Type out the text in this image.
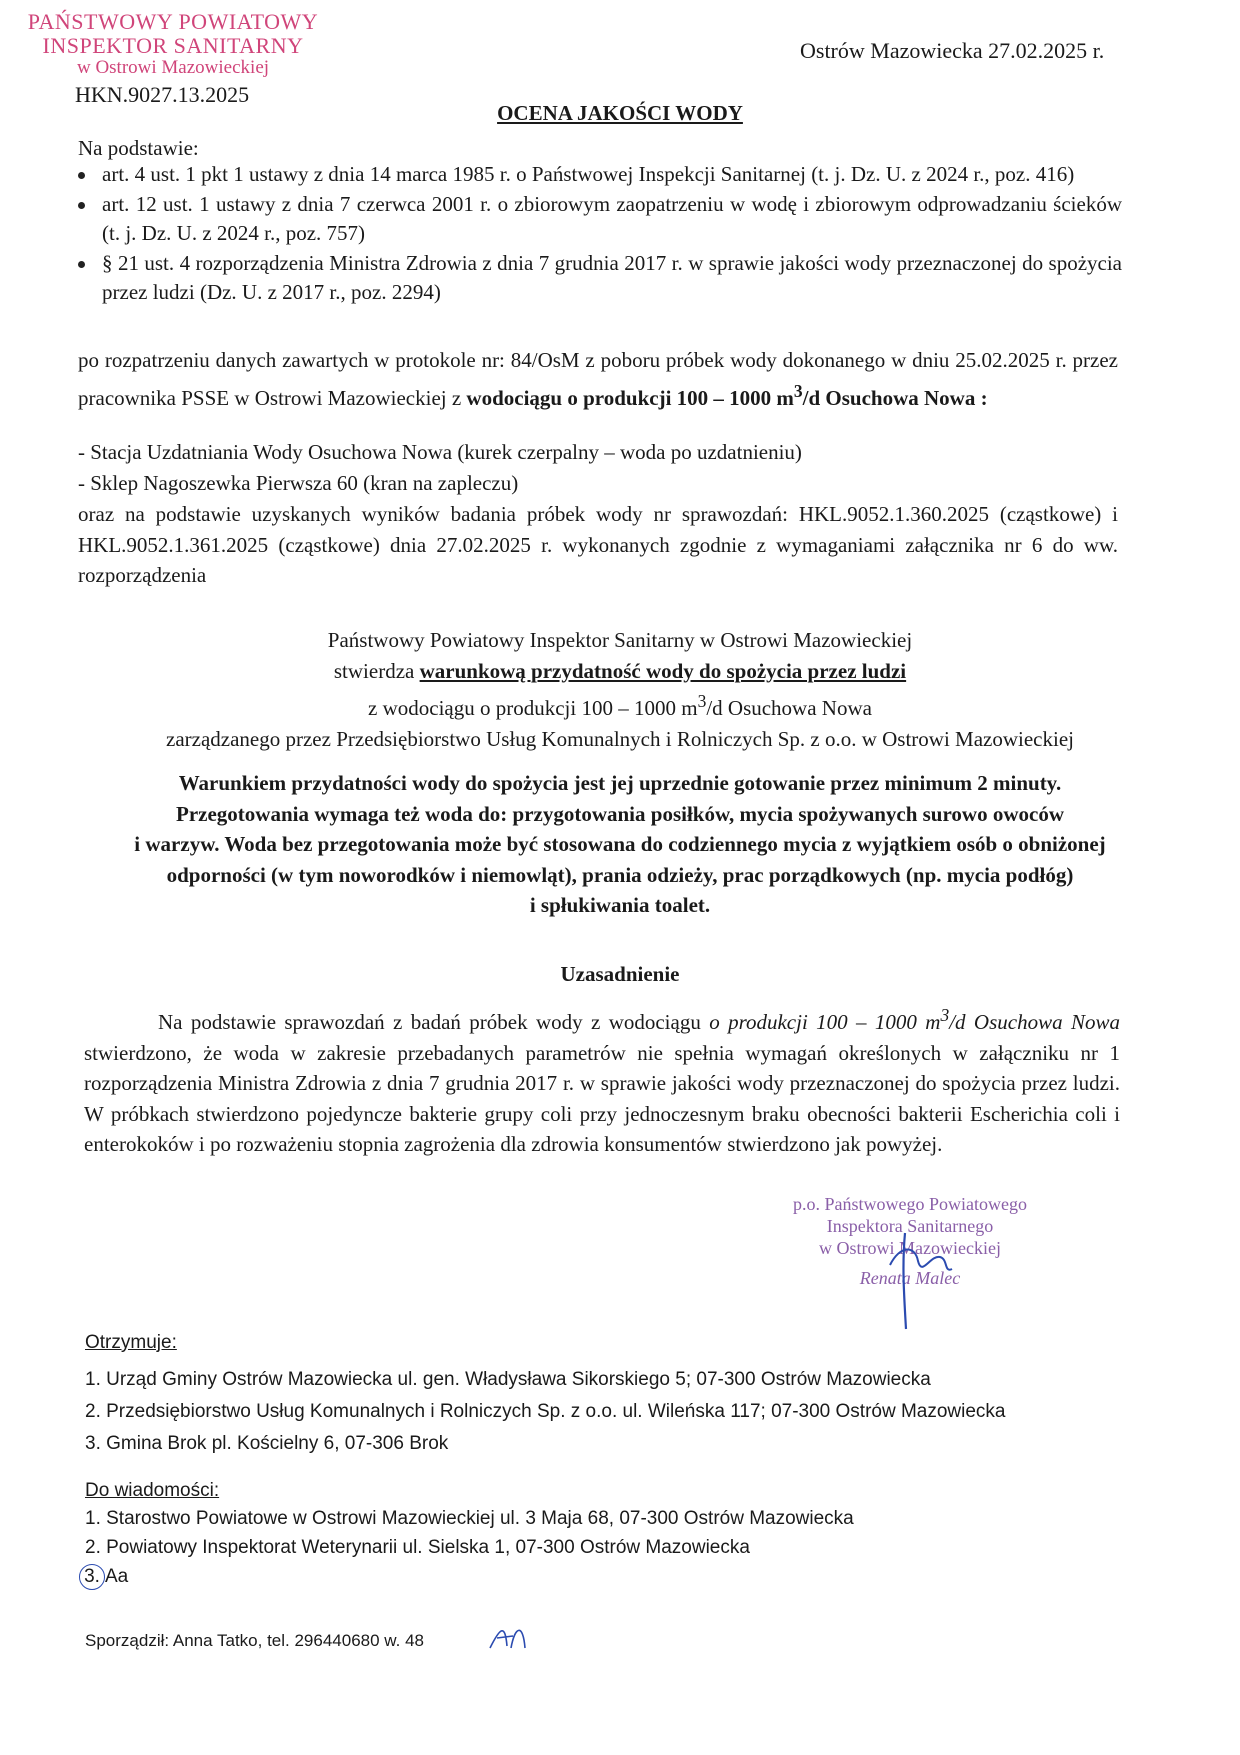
PAŃSTWOWY POWIATOWY
INSPEKTOR SANITARNY
w Ostrowi Mazowieckiej
HKN.9027.13.2025
Ostrów Mazowiecka 27.02.2025 r.
OCENA JAKOŚCI WODY
Na podstawie:
art. 4 ust. 1 pkt 1 ustawy z dnia 14 marca 1985 r. o Państwowej Inspekcji Sanitarnej (t. j. Dz. U. z 2024 r., poz. 416)
art. 12 ust. 1 ustawy z dnia 7 czerwca 2001 r. o zbiorowym zaopatrzeniu w wodę i zbiorowym odprowadzaniu ścieków (t. j. Dz. U. z 2024 r., poz. 757)
§ 21 ust. 4 rozporządzenia Ministra Zdrowia z dnia 7 grudnia 2017 r. w sprawie jakości wody przeznaczonej do spożycia przez ludzi (Dz. U. z 2017 r., poz. 2294)
po rozpatrzeniu danych zawartych w protokole nr: 84/OsM z poboru próbek wody dokonanego w dniu 25.02.2025 r. przez pracownika PSSE w Ostrowi Mazowieckiej z wodociągu o produkcji 100 – 1000 $m^3/d$ Osuchowa Nowa :
- Stacja Uzdatniania Wody Osuchowa Nowa (kurek czerpalny – woda po uzdatnieniu)
- Sklep Nagoszewka Pierwsza 60 (kran na zapleczu)
oraz na podstawie uzyskanych wyników badania próbek wody nr sprawozdań: HKL.9052.1.360.2025 (cząstkowe) i HKL.9052.1.361.2025 (cząstkowe) dnia 27.02.2025 r. wykonanych zgodnie z wymaganiami załącznika nr 6 do ww. rozporządzenia
Państwowy Powiatowy Inspektor Sanitarny w Ostrowi Mazowieckiej
stwierdza warunkową przydatność wody do spożycia przez ludzi
z wodociągu o produkcji 100 – 1000 $m^3/d$ Osuchowa Nowa
zarządzanego przez Przedsiębiorstwo Usług Komunalnych i Rolniczych Sp. z o.o. w Ostrowi Mazowieckiej
Warunkiem przydatności wody do spożycia jest jej uprzednie gotowanie przez minimum 2 minuty.
Przegotowania wymaga też woda do: przygotowania posiłków, mycia spożywanych surowo owoców
i warzyw. Woda bez przegotowania może być stosowana do codziennego mycia z wyjątkiem osób o obniżonej
odporności (w tym noworodków i niemowląt), prania odzieży, prac porządkowych (np. mycia podłóg)
i spłukiwania toalet.
Uzasadnienie
Na podstawie sprawozdań z badań próbek wody z wodociągu o produkcji 100 – 1000 $m^3/d$ Osuchowa Nowa stwierdzono, że woda w zakresie przebadanych parametrów nie spełnia wymagań określonych w załączniku nr 1 rozporządzenia Ministra Zdrowia z dnia 7 grudnia 2017 r. w sprawie jakości wody przeznaczonej do spożycia przez ludzi. W próbkach stwierdzono pojedyncze bakterie grupy coli przy jednoczesnym braku obecności bakterii Escherichia coli i enterokoków i po rozważeniu stopnia zagrożenia dla zdrowia konsumentów stwierdzono jak powyżej.
p.o. Państwowego Powiatowego
Inspektora Sanitarnego
w Ostrowi Mazowieckiej
Renata Malec
Otrzymuje:
1. Urząd Gminy Ostrów Mazowiecka ul. gen. Władysława Sikorskiego 5; 07-300 Ostrów Mazowiecka
2. Przedsiębiorstwo Usług Komunalnych i Rolniczych Sp. z o.o. ul. Wileńska 117; 07-300 Ostrów Mazowiecka
3. Gmina Brok pl. Kościelny 6, 07-306 Brok
Do wiadomości:
1. Starostwo Powiatowe w Ostrowi Mazowieckiej ul. 3 Maja 68, 07-300 Ostrów Mazowiecka
2. Powiatowy Inspektorat Weterynarii ul. Sielska 1, 07-300 Ostrów Mazowiecka
3. Aa
Sporządził: Anna Tatko, tel. 296440680 w. 48
